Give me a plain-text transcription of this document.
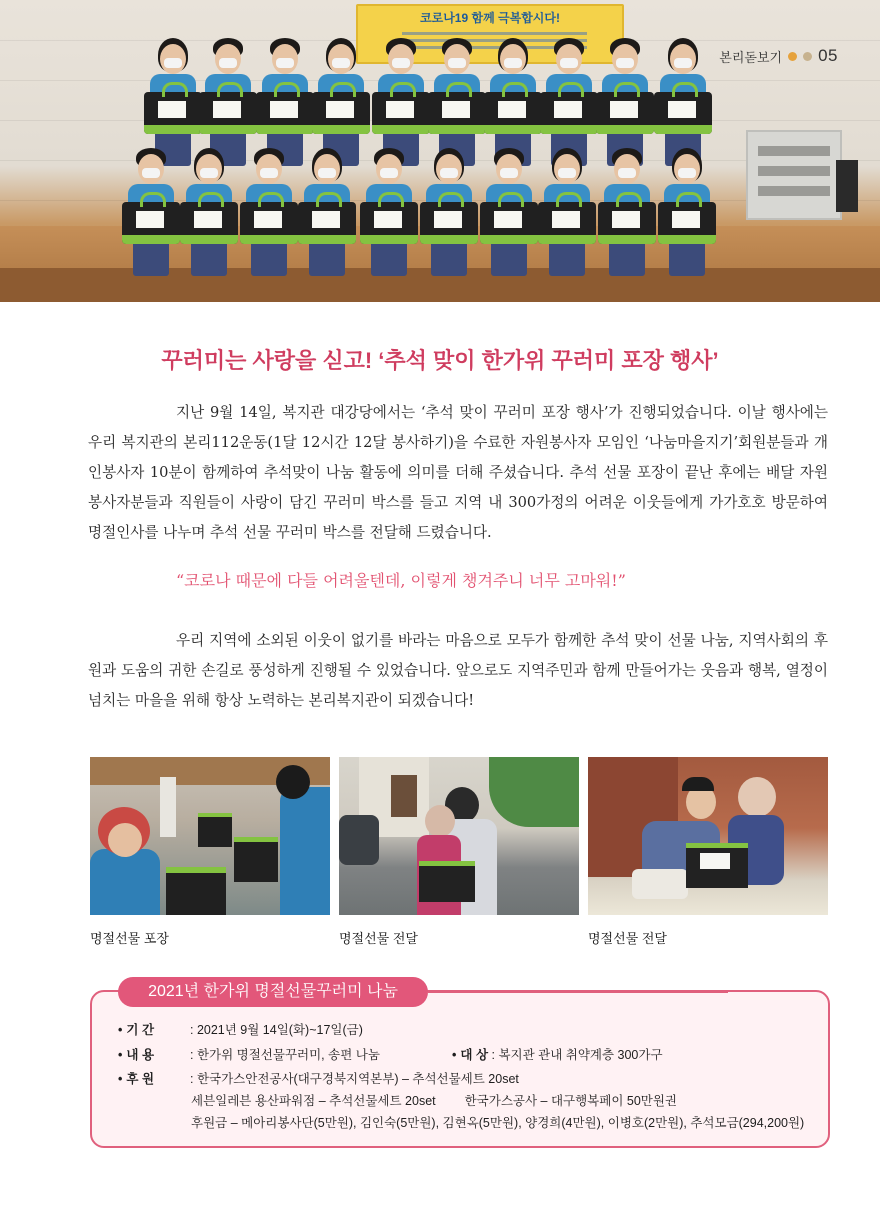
코로나19 함께 극복합시다!
본리돋보기 05
꾸러미는 사랑을 싣고! ‘추석 맞이 한가위 꾸러미 포장 행사’

지난 9월 14일, 복지관 대강당에서는 ‘추석 맞이 꾸러미 포장 행사’가 진행되었습니다. 이날 행사에는 우리 복지관의 본리112운동(1달 12시간 12달 봉사하기)을 수료한 자원봉사자 모임인 ‘나눔마을지기’회원분들과 개인봉사자 10분이 함께하여 추석맞이 나눔 활동에 의미를 더해 주셨습니다. 추석 선물 포장이 끝난 후에는 배달 자원봉사자분들과 직원들이 사랑이 담긴 꾸러미 박스를 들고 지역 내 300가정의 어려운 이웃들에게 가가호호 방문하여 명절인사를 나누며 추석 선물 꾸러미 박스를 전달해 드렸습니다.

“코로나 때문에 다들 어려울텐데, 이렇게 챙겨주니 너무 고마워!”

우리 지역에 소외된 이웃이 없기를 바라는 마음으로 모두가 함께한 추석 맞이 선물 나눔, 지역사회의 후원과 도움의 귀한 손길로 풍성하게 진행될 수 있었습니다. 앞으로도 지역주민과 함께 만들어가는 웃음과 행복, 열정이 넘치는 마을을 위해 항상 노력하는 본리복지관이 되겠습니다!

명절선물 포장	명절선물 전달	명절선물 전달
2021년 한가위 명절선물꾸러미 나눔
• 기 간	: 2021년 9월 14일(화)~17일(금)
• 내 용	: 한가위 명절선물꾸러미, 송편 나눔	• 대 상 : 복지관 관내 취약계층 300가구
• 후 원	: 한국가스안전공사(대구경북지역본부) – 추석선물세트 20set
세븐일레븐 용산파워점 – 추석선물세트 20set 한국가스공사 – 대구행복페이 50만원권
후원금 – 메아리봉사단(5만원), 김인숙(5만원), 김현옥(5만원), 양경희(4만원), 이병호(2만원), 추석모금(294,200원)
